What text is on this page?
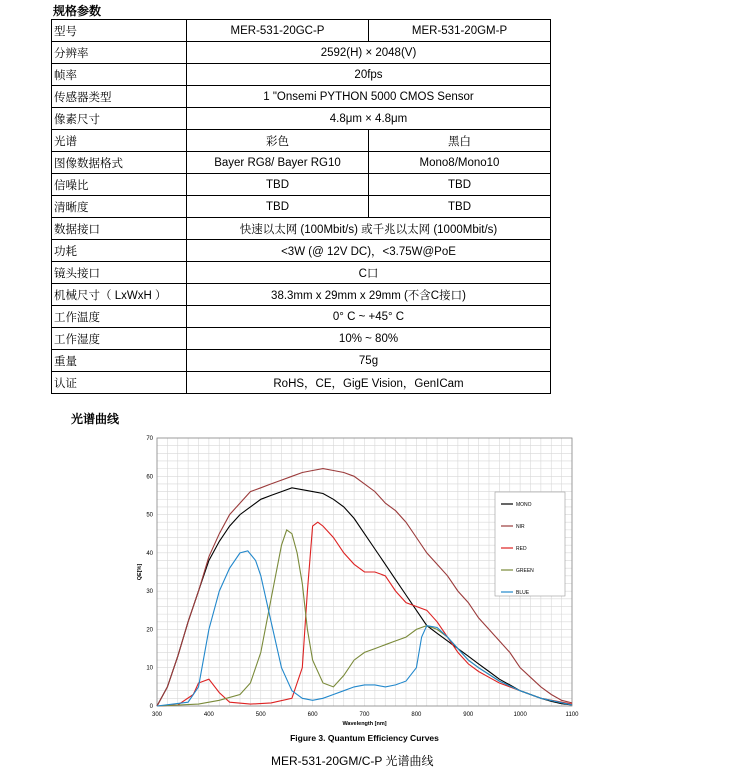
规格参数
型号	MER-531-20GC-P	MER-531-20GM-P
分辨率	2592(H) × 2048(V)	
帧率	20fps	
传感器类型	1 "Onsemi PYTHON 5000 CMOS Sensor	
像素尺寸	4.8μm × 4.8μm	
光谱	彩色	黑白
图像数据格式	Bayer RG8/ Bayer RG10	Mono8/Mono10
信噪比	TBD	TBD
清晰度	TBD	TBD
数据接口	快速以太网 (100Mbit/s) 或千兆以太网 (1000Mbit/s)	
功耗	<3W (@ 12V DC)，<3.75W@PoE	
镜头接口	C口	
机械尺寸（ LxWxH ）	38.3mm x 29mm x 29mm (不含C接口)	
工作温度	0° C ~ +45° C	
工作湿度	10% ~ 80%	
重量	75g	
认证	RoHS，CE，GigE Vision，GenICam	
光谱曲线
300	400	500	600	700	800	900	1000	1100
0
10
20
30
40
50
60
70
Wavelength [nm]
QE[%]
Figure 3. Quantum Efficiency Curves
MONO
NIR
RED
GREEN
BLUE
MER-531-20GM/C-P 光谱曲线
